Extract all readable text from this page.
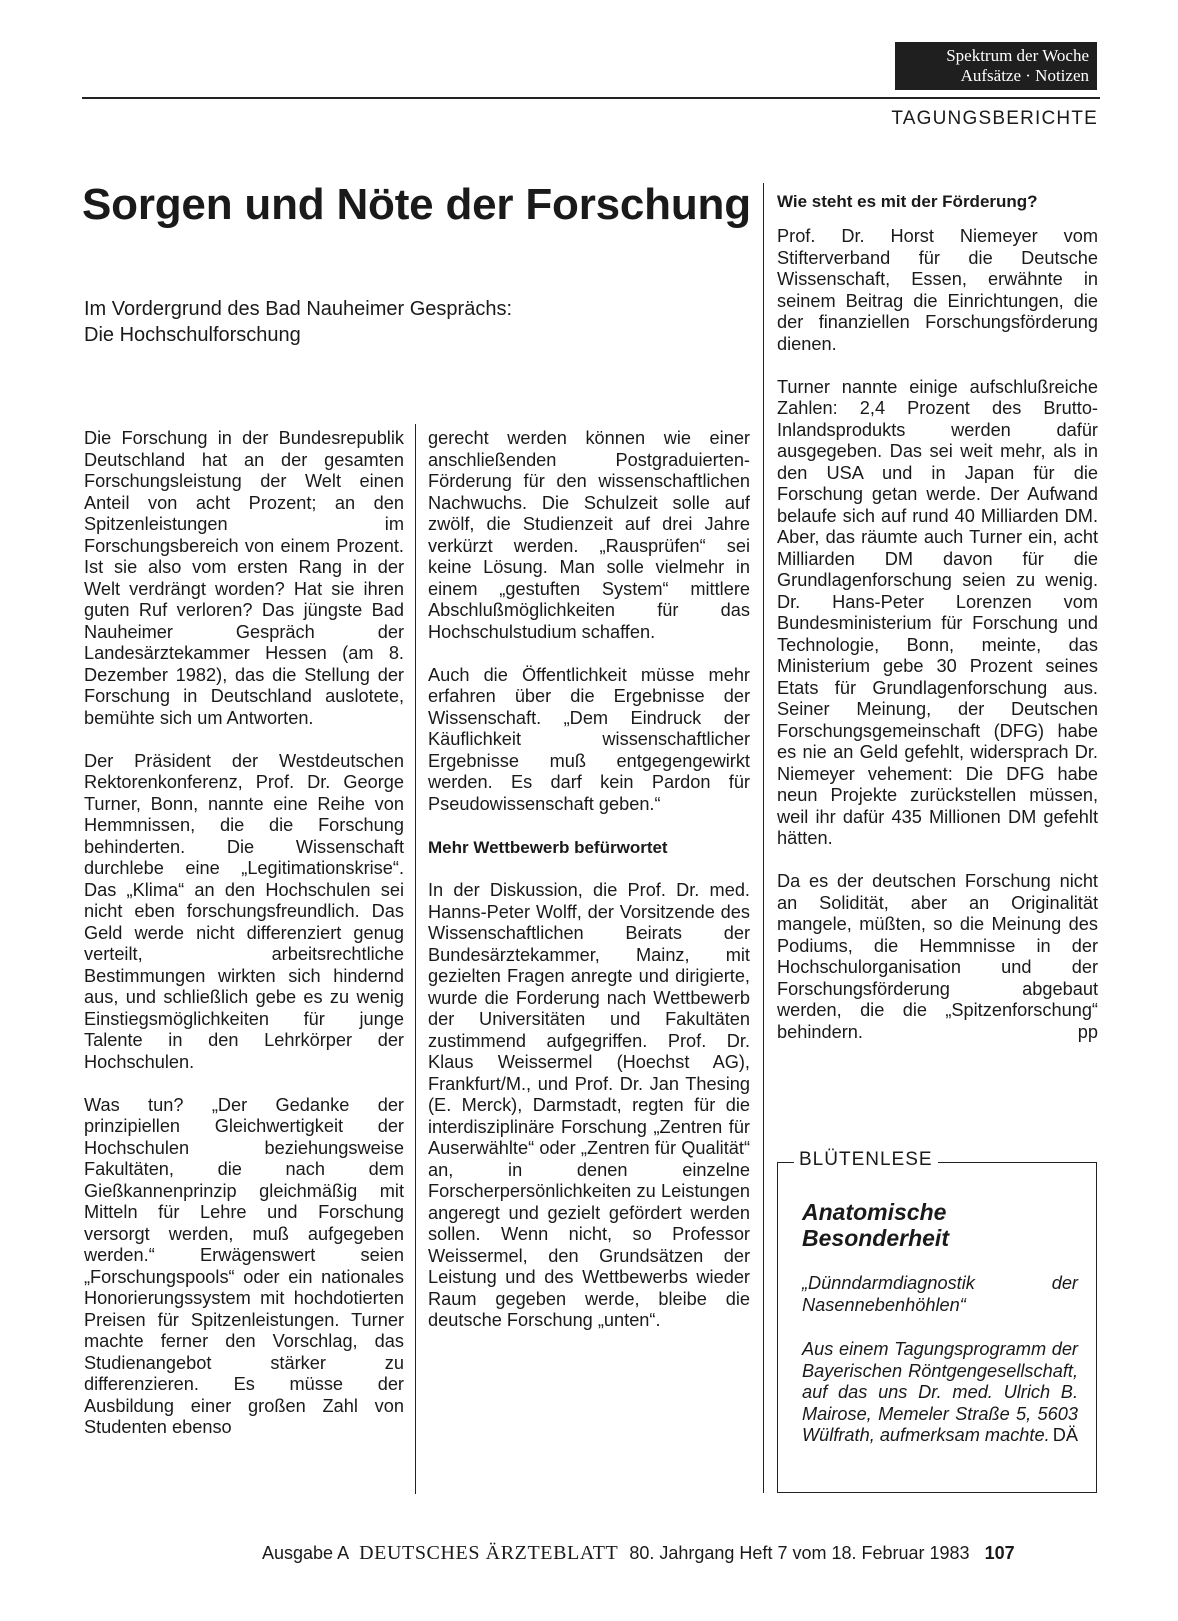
Spektrum der Woche
Aufsätze · Notizen
TAGUNGSBERICHTE
Sorgen und Nöte der Forschung
Im Vordergrund des Bad Nauheimer Gesprächs:
Die Hochschulforschung

Die Forschung in der Bundesrepublik Deutschland hat an der gesamten Forschungsleistung der Welt einen Anteil von acht Prozent; an den Spitzenleistungen im Forschungsbereich von einem Prozent. Ist sie also vom ersten Rang in der Welt verdrängt worden? Hat sie ihren guten Ruf verloren? Das jüngste Bad Nauheimer Gespräch der Landesärztekammer Hessen (am 8. Dezember 1982), das die Stellung der Forschung in Deutschland auslotete, bemühte sich um Antworten.

Der Präsident der Westdeutschen Rektorenkonferenz, Prof. Dr. George Turner, Bonn, nannte eine Reihe von Hemmnissen, die die Forschung behinderten. Die Wissenschaft durchlebe eine „Legitimationskrise“. Das „Klima“ an den Hochschulen sei nicht eben forschungsfreundlich. Das Geld werde nicht differenziert genug verteilt, arbeitsrechtliche Bestimmungen wirkten sich hindernd aus, und schließlich gebe es zu wenig Einstiegsmöglichkeiten für junge Talente in den Lehrkörper der Hochschulen.

Was tun? „Der Gedanke der prinzipiellen Gleichwertigkeit der Hochschulen beziehungsweise Fakultäten, die nach dem Gießkannenprinzip gleichmäßig mit Mitteln für Lehre und Forschung versorgt werden, muß aufgegeben werden.“ Erwägenswert seien „Forschungspools“ oder ein nationales Honorierungssystem mit hochdotierten Preisen für Spitzenleistungen. Turner machte ferner den Vorschlag, das Studienangebot stärker zu differenzieren. Es müsse der Ausbildung einer großen Zahl von Studenten ebenso

gerecht werden können wie einer anschließenden Postgraduierten-Förderung für den wissenschaftlichen Nachwuchs. Die Schulzeit solle auf zwölf, die Studienzeit auf drei Jahre verkürzt werden. „Rausprüfen“ sei keine Lösung. Man solle vielmehr in einem „gestuften System“ mittlere Abschlußmöglichkeiten für das Hochschulstudium schaffen.

Auch die Öffentlichkeit müsse mehr erfahren über die Ergebnisse der Wissenschaft. „Dem Eindruck der Käuflichkeit wissenschaftlicher Ergebnisse muß entgegengewirkt werden. Es darf kein Pardon für Pseudowissenschaft geben.“

Mehr Wettbewerb befürwortet

In der Diskussion, die Prof. Dr. med. Hanns-Peter Wolff, der Vorsitzende des Wissenschaftlichen Beirats der Bundesärztekammer, Mainz, mit gezielten Fragen anregte und dirigierte, wurde die Forderung nach Wettbewerb der Universitäten und Fakultäten zustimmend aufgegriffen. Prof. Dr. Klaus Weissermel (Hoechst AG), Frankfurt/M., und Prof. Dr. Jan Thesing (E. Merck), Darmstadt, regten für die interdisziplinäre Forschung „Zentren für Auserwählte“ oder „Zentren für Qualität“ an, in denen einzelne Forscherpersönlichkeiten zu Leistungen angeregt und gezielt gefördert werden sollen. Wenn nicht, so Professor Weissermel, den Grundsätzen der Leistung und des Wettbewerbs wieder Raum gegeben werde, bleibe die deutsche Forschung „unten“.

Wie steht es mit der Förderung?

Prof. Dr. Horst Niemeyer vom Stifterverband für die Deutsche Wissenschaft, Essen, erwähnte in seinem Beitrag die Einrichtungen, die der finanziellen Forschungsförderung dienen.

Turner nannte einige aufschlußreiche Zahlen: 2,4 Prozent des Brutto-Inlandsprodukts werden dafür ausgegeben. Das sei weit mehr, als in den USA und in Japan für die Forschung getan werde. Der Aufwand belaufe sich auf rund 40 Milliarden DM. Aber, das räumte auch Turner ein, acht Milliarden DM davon für die Grundlagenforschung seien zu wenig. Dr. Hans-Peter Lorenzen vom Bundesministerium für Forschung und Technologie, Bonn, meinte, das Ministerium gebe 30 Prozent seines Etats für Grundlagenforschung aus. Seiner Meinung, der Deutschen Forschungsgemeinschaft (DFG) habe es nie an Geld gefehlt, widersprach Dr. Niemeyer vehement: Die DFG habe neun Projekte zurückstellen müssen, weil ihr dafür 435 Millionen DM gefehlt hätten.

Da es der deutschen Forschung nicht an Solidität, aber an Originalität mangele, müßten, so die Meinung des Podiums, die Hemmnisse in der Hochschulorganisation und der Forschungsförderung abgebaut werden, die die „Spitzenforschung“ behindern.	pp

BLÜTENLESE
Anatomische
Besonderheit
„Dünndarmdiagnostik der Nasennebenhöhlen“
Aus einem Tagungsprogramm der Bayerischen Röntgengesellschaft, auf das uns Dr. med. Ulrich B. Mairose, Memeler Straße 5, 5603 Wülfrath, aufmerksam machte. DÄ
Ausgabe A DEUTSCHES ÄRZTEBLATT 80. Jahrgang Heft 7 vom 18. Februar 1983 107
